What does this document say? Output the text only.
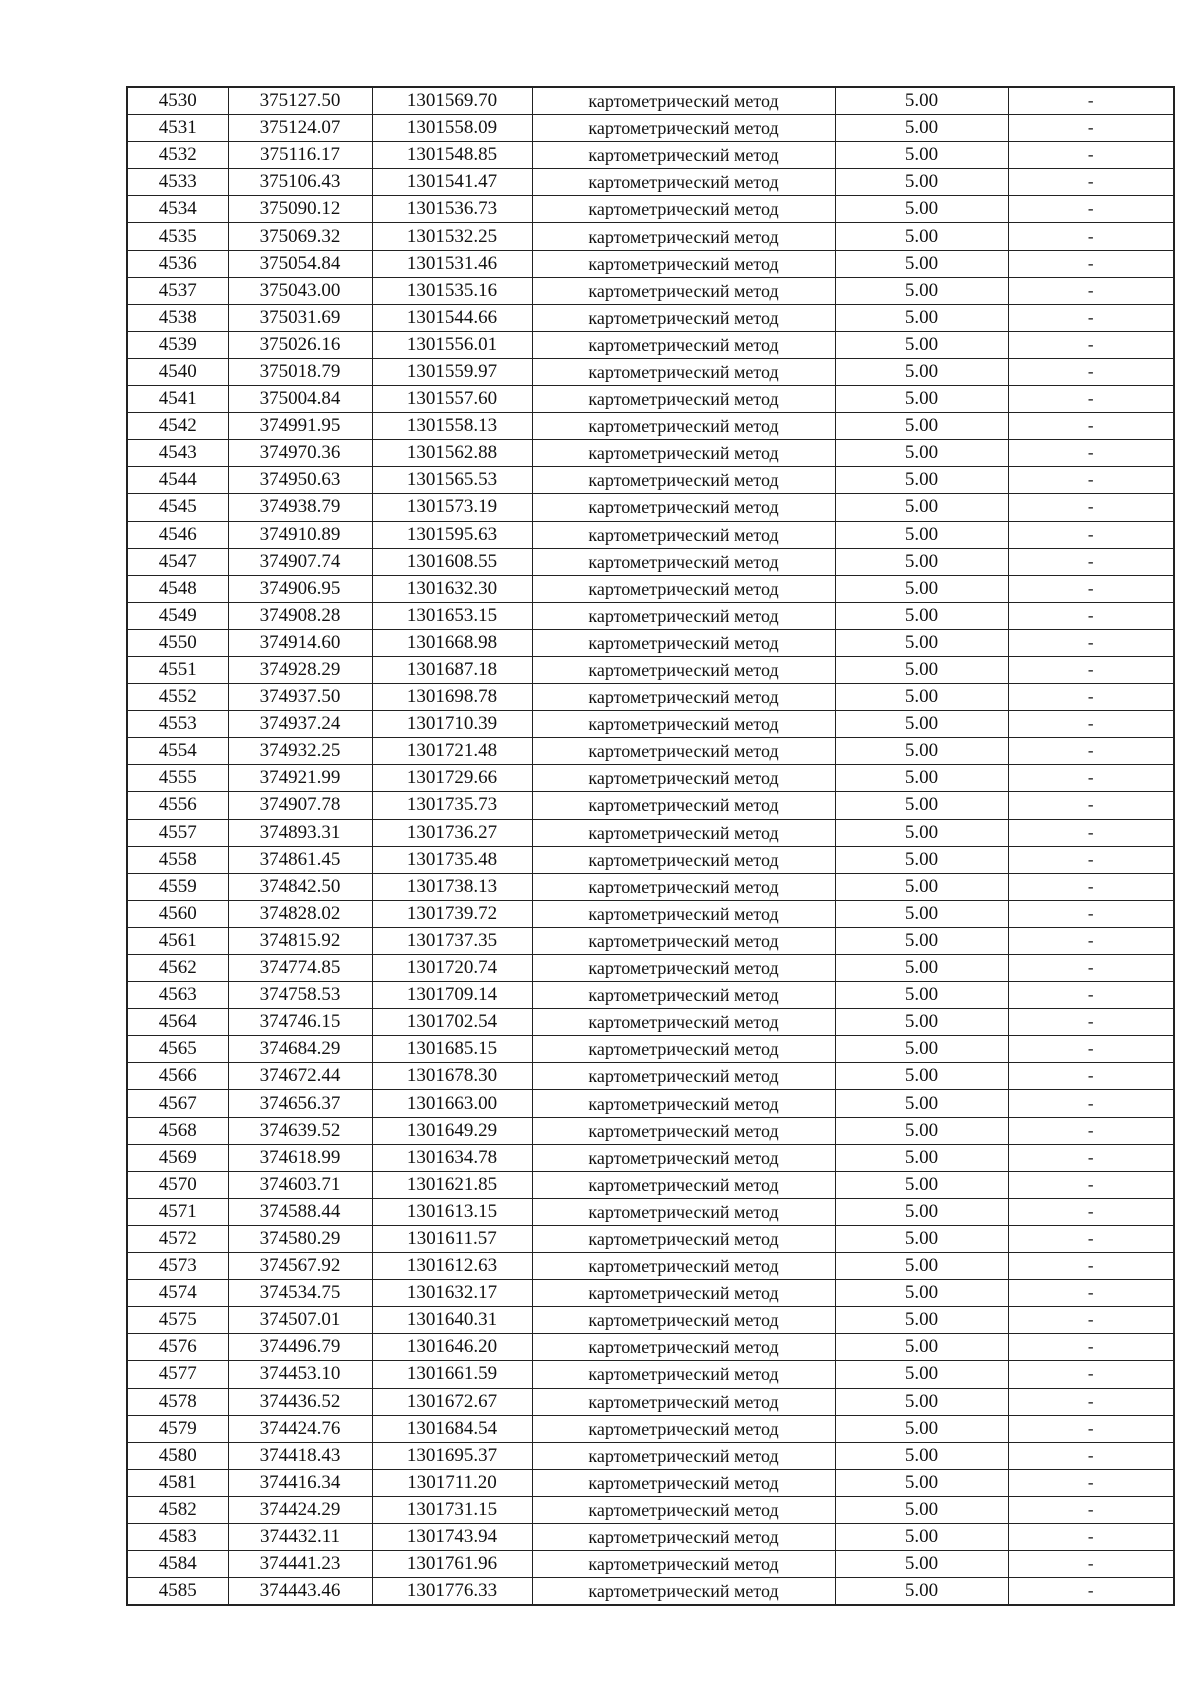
4530	375127.50	1301569.70	картометрический метод	5.00	-
4531	375124.07	1301558.09	картометрический метод	5.00	-
4532	375116.17	1301548.85	картометрический метод	5.00	-
4533	375106.43	1301541.47	картометрический метод	5.00	-
4534	375090.12	1301536.73	картометрический метод	5.00	-
4535	375069.32	1301532.25	картометрический метод	5.00	-
4536	375054.84	1301531.46	картометрический метод	5.00	-
4537	375043.00	1301535.16	картометрический метод	5.00	-
4538	375031.69	1301544.66	картометрический метод	5.00	-
4539	375026.16	1301556.01	картометрический метод	5.00	-
4540	375018.79	1301559.97	картометрический метод	5.00	-
4541	375004.84	1301557.60	картометрический метод	5.00	-
4542	374991.95	1301558.13	картометрический метод	5.00	-
4543	374970.36	1301562.88	картометрический метод	5.00	-
4544	374950.63	1301565.53	картометрический метод	5.00	-
4545	374938.79	1301573.19	картометрический метод	5.00	-
4546	374910.89	1301595.63	картометрический метод	5.00	-
4547	374907.74	1301608.55	картометрический метод	5.00	-
4548	374906.95	1301632.30	картометрический метод	5.00	-
4549	374908.28	1301653.15	картометрический метод	5.00	-
4550	374914.60	1301668.98	картометрический метод	5.00	-
4551	374928.29	1301687.18	картометрический метод	5.00	-
4552	374937.50	1301698.78	картометрический метод	5.00	-
4553	374937.24	1301710.39	картометрический метод	5.00	-
4554	374932.25	1301721.48	картометрический метод	5.00	-
4555	374921.99	1301729.66	картометрический метод	5.00	-
4556	374907.78	1301735.73	картометрический метод	5.00	-
4557	374893.31	1301736.27	картометрический метод	5.00	-
4558	374861.45	1301735.48	картометрический метод	5.00	-
4559	374842.50	1301738.13	картометрический метод	5.00	-
4560	374828.02	1301739.72	картометрический метод	5.00	-
4561	374815.92	1301737.35	картометрический метод	5.00	-
4562	374774.85	1301720.74	картометрический метод	5.00	-
4563	374758.53	1301709.14	картометрический метод	5.00	-
4564	374746.15	1301702.54	картометрический метод	5.00	-
4565	374684.29	1301685.15	картометрический метод	5.00	-
4566	374672.44	1301678.30	картометрический метод	5.00	-
4567	374656.37	1301663.00	картометрический метод	5.00	-
4568	374639.52	1301649.29	картометрический метод	5.00	-
4569	374618.99	1301634.78	картометрический метод	5.00	-
4570	374603.71	1301621.85	картометрический метод	5.00	-
4571	374588.44	1301613.15	картометрический метод	5.00	-
4572	374580.29	1301611.57	картометрический метод	5.00	-
4573	374567.92	1301612.63	картометрический метод	5.00	-
4574	374534.75	1301632.17	картометрический метод	5.00	-
4575	374507.01	1301640.31	картометрический метод	5.00	-
4576	374496.79	1301646.20	картометрический метод	5.00	-
4577	374453.10	1301661.59	картометрический метод	5.00	-
4578	374436.52	1301672.67	картометрический метод	5.00	-
4579	374424.76	1301684.54	картометрический метод	5.00	-
4580	374418.43	1301695.37	картометрический метод	5.00	-
4581	374416.34	1301711.20	картометрический метод	5.00	-
4582	374424.29	1301731.15	картометрический метод	5.00	-
4583	374432.11	1301743.94	картометрический метод	5.00	-
4584	374441.23	1301761.96	картометрический метод	5.00	-
4585	374443.46	1301776.33	картометрический метод	5.00	-
